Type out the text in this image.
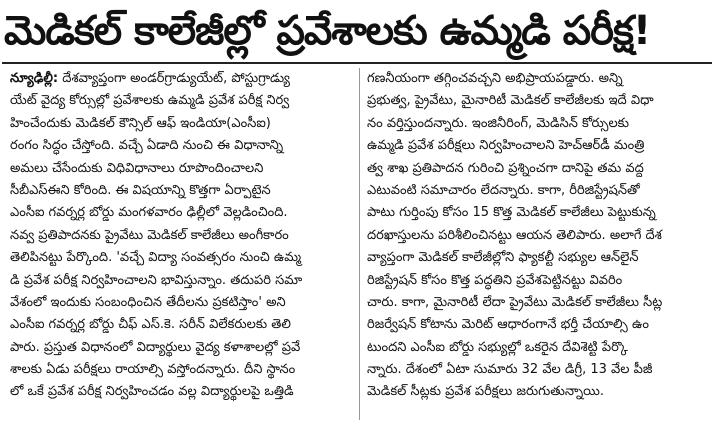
మెడికల్ కాలేజీల్లో ప్రవేశాలకు ఉమ్మడి పరీక్ష!
న్యూఢిల్లీ: దేశవ్యాప్తంగా అండర్‌గ్రాడ్యుయేట్, పోస్టుగ్రాడ్యు
యేట్ వైద్య కోర్సుల్లో ప్రవేశాలకు ఉమ్మడి ప్రవేశ పరీక్ష నిర్వ
హించేందుకు మెడికల్ కౌన్సిల్ ఆఫ్ ఇండియా(ఎంసీఐ)
రంగం సిద్ధం చేస్తోంది. వచ్చే ఏడాది నుంచి ఈ విధానాన్ని
అమలు చేసేందుకు విధివిధానాలు రూపొందించాలని
సీబీఎస్‌ఈని కోరింది. ఈ విషయాన్ని కొత్తగా ఏర్పాటైన
ఎంసీఐ గవర్నర్ల బోర్డు మంగళవారం ఢిల్లీలో వెల్లడించింది.
నవ్వ ప్రతిపాదనకు ప్రైవేటు మెడికల్ కాలేజీలు అంగీకారం
తెలిపినట్టు పేర్కొంది. 'వచ్చే విద్యా సంవత్సరం నుంచి ఉమ్మ
డి ప్రవేశ పరీక్ష నిర్వహించాలని భావిస్తున్నాం. తదుపరి సమా
వేశంలో ఇందుకు సంబంధించిన తేదీలను ప్రకటిస్తాం' అని
ఎంసీఐ గవర్నర్ల బోర్డు చీఫ్ ఎస్.కె. సరీన్ విలేకరులకు తెలి
పారు. ప్రస్తుత విధానంలో విద్యార్థులు వైద్య కళాశాలల్లో ప్రవే
శాలకు ఏడు పరీక్షలు రాయాల్సి వస్తోందన్నారు. దీని స్థానం
లో ఒకే ప్రవేశ పరీక్ష నిర్వహించడం వల్ల విద్యార్థులపై ఒత్తిడి
గణనీయంగా తగ్గించవచ్చని అభిప్రాయపడ్డారు. అన్ని
ప్రభుత్వ, ప్రైవేటు, మైనారిటీ మెడికల్ కాలేజీలకు ఇదే విధా
నం వర్తిస్తుందన్నారు. ఇంజినీరింగ్, మెడిసిన్ కోర్సులకు
ఉమ్మడి ప్రవేశ పరీక్షలు నిర్వహించాలని హెచ్‌ఆర్‌డీ మంత్రి
త్వ శాఖ ప్రతిపాదన గురించి ప్రశ్నించగా దానిపై తమ వద్ద
ఎటువంటి సమాచారం లేదన్నారు. కాగా, రీరిజిస్ట్రేషన్‌తో
పాటు గుర్తింపు కోసం 15 కొత్త మెడికల్ కాలేజీలు పెట్టుకున్న
దరఖాస్తులను పరిశీలించినట్టు ఆయన తెలిపారు. అలాగే దేశ
వ్యాప్తంగా మెడికల్ కాలేజీల్లోని ఫ్యాకల్టీ సభ్యుల ఆన్‌లైన్
రిజిస్ట్రేషన్ కోసం కొత్త పద్ధతిని ప్రవేశపెట్టినట్టు వివరిం
చారు. కాగా, మైనారిటీ లేదా ప్రైవేటు మెడికల్ కాలేజీలు సీట్ల
రిజర్వేషన్ కోటాను మెరిట్ ఆధారంగానే భర్తీ చేయాల్సి ఉం
టుందని ఎంసీఐ బోర్డు సభ్యుల్లో ఒకరైన దేవిశెట్టి పేర్కొ
న్నారు. దేశంలో ఏటా సుమారు 32 వేల డిగ్రీ, 13 వేల పీజీ
మెడికల్ సీట్లకు ప్రవేశ పరీక్షలు జరుగుతున్నాయి.
